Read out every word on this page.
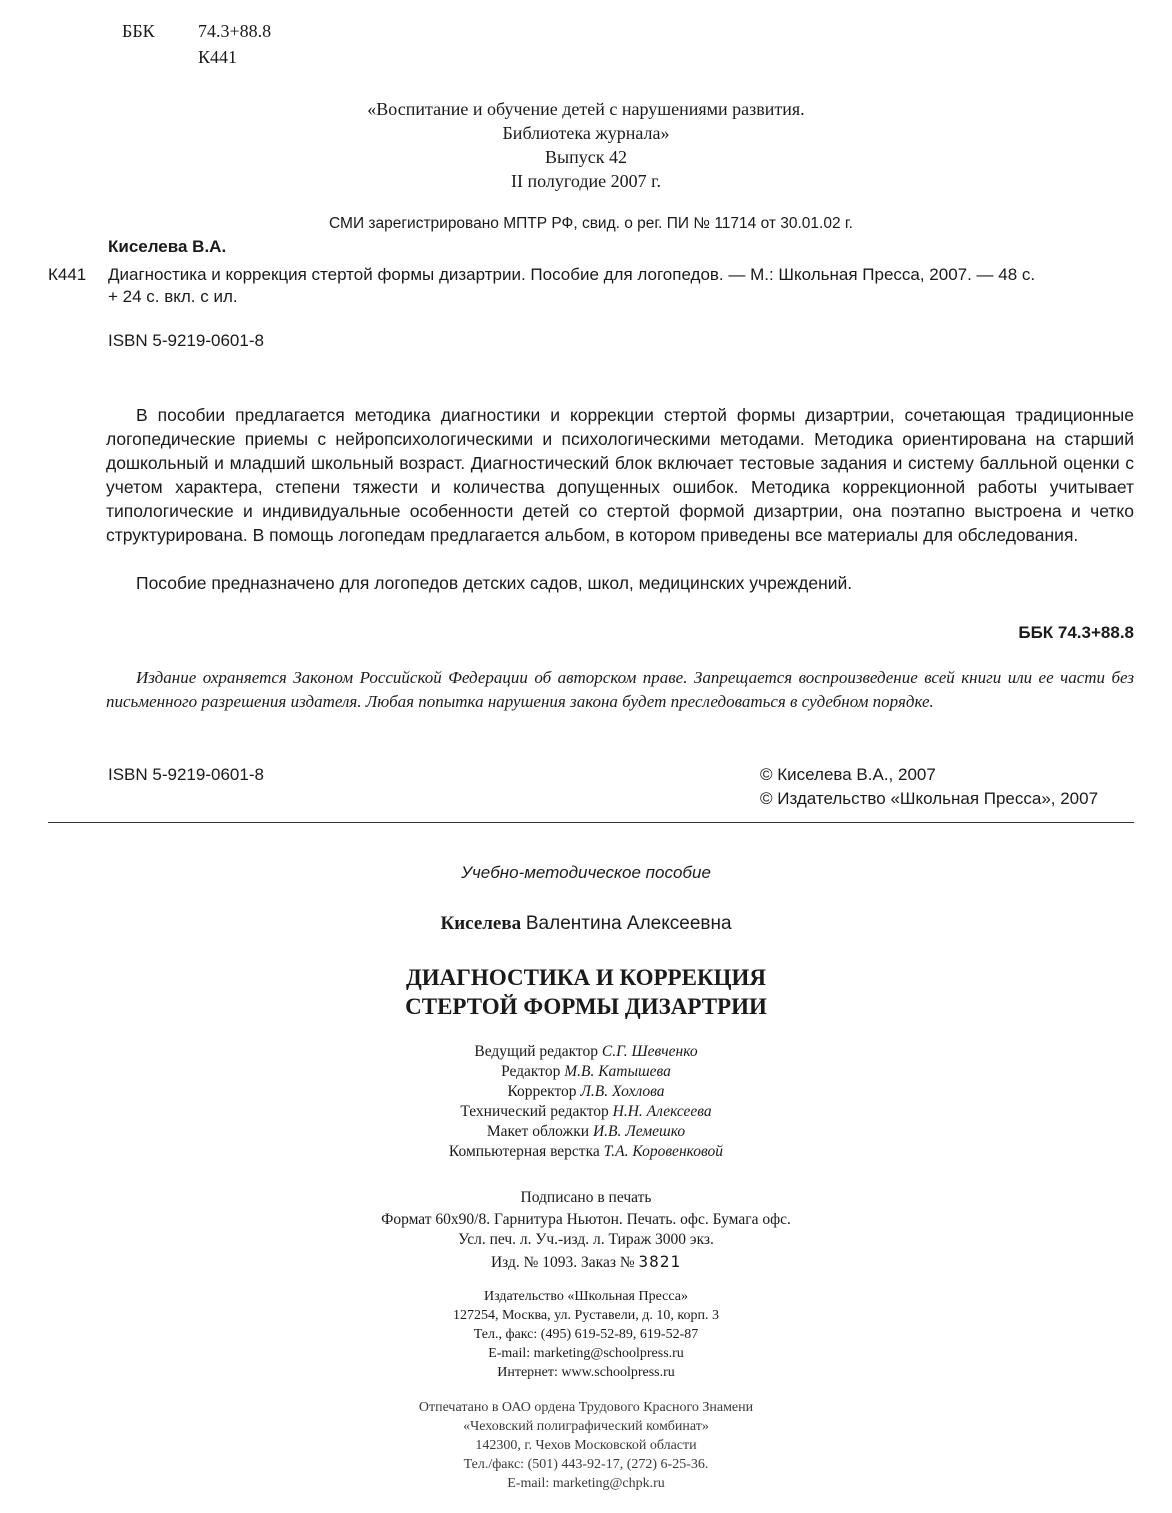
ББК 74.3+88.8
К441
«Воспитание и обучение детей с нарушениями развития.
Библиотека журнала»
Выпуск 42
II полугодие 2007 г.
СМИ зарегистрировано МПТР РФ, свид. о рег. ПИ № 11714 от 30.01.02 г.
Киселева В.А.
К441 Диагностика и коррекция стертой формы дизартрии. Пособие для логопедов. — М.: Школьная Пресса, 2007. — 48 с.
+ 24 с. вкл. с ил.
ISBN 5-9219-0601-8
В пособии предлагается методика диагностики и коррекции стертой формы дизартрии, сочетающая традиционные логопедические приемы с нейропсихологическими и психологическими методами. Методика ориентирована на старший дошкольный и младший школьный возраст. Диагностический блок включает тестовые задания и систему балльной оценки с учетом характера, степени тяжести и количества допущенных ошибок. Методика коррекционной работы учитывает типологические и индивидуальные особенности детей со стертой формой дизартрии, она поэтапно выстроена и четко структурирована. В помощь логопедам предлагается альбом, в котором приведены все материалы для обследования.
Пособие предназначено для логопедов детских садов, школ, медицинских учреждений.
ББК 74.3+88.8
Издание охраняется Законом Российской Федерации об авторском праве. Запрещается воспроизведение всей книги или ее части без письменного разрешения издателя. Любая попытка нарушения закона будет преследоваться в судебном порядке.
ISBN 5-9219-0601-8	© Киселева В.А., 2007
© Издательство «Школьная Пресса», 2007
Учебно-методическое пособие
Киселева Валентина Алексеевна
ДИАГНОСТИКА И КОРРЕКЦИЯ
СТЕРТОЙ ФОРМЫ ДИЗАРТРИИ
Ведущий редактор С.Г. Шевченко
Редактор М.В. Катышева
Корректор Л.В. Хохлова
Технический редактор Н.Н. Алексеева
Макет обложки И.В. Лемешко
Компьютерная верстка Т.А. Коровенковой
Подписано в печать
Формат 60х90/8. Гарнитура Ньютон. Печать. офс. Бумага офс.
Усл. печ. л. Уч.-изд. л. Тираж 3000 экз.
Изд. № 1093. Заказ № 3821
Издательство «Школьная Пресса»
127254, Москва, ул. Руставели, д. 10, корп. 3
Тел., факс: (495) 619-52-89, 619-52-87
E-mail: marketing@schoolpress.ru
Интернет: www.schoolpress.ru
Отпечатано в ОАО ордена Трудового Красного Знамени
«Чеховский полиграфический комбинат»
142300, г. Чехов Московской области
Тел./факс: (501) 443-92-17, (272) 6-25-36.
E-mail: marketing@chpk.ru
